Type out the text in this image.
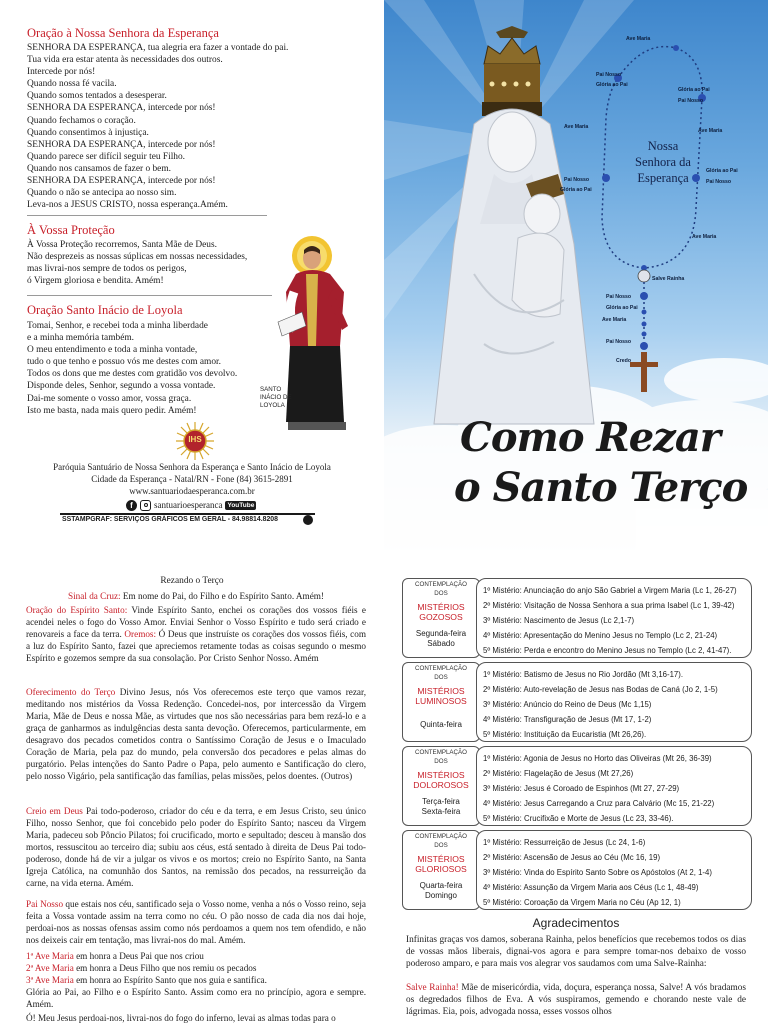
Oração à Nossa Senhora da Esperança
SENHORA DA ESPERANÇA, tua alegria era fazer a vontade do pai.
Tua vida era estar atenta às necessidades dos outros.
Intercede por nós!
Quando nossa fé vacila.
Quando somos tentados a desesperar.
SENHORA DA ESPERANÇA, intercede por nós!
Quando fechamos o coração.
Quando consentimos à injustiça.
SENHORA DA ESPERANÇA, intercede por nós!
Quando parece ser difícil seguir teu Filho.
Quando nos cansamos de fazer o bem.
SENHORA DA ESPERANÇA, intercede por nós!
Quando o não se antecipa ao nosso sim.
Leva-nos a JESUS CRISTO, nossa esperança.Amém.
À Vossa Proteção
À Vossa Proteção recorremos, Santa Mãe de Deus.
Não desprezeis as nossas súplicas em nossas necessidades,
mas livrai-nos sempre de todos os perigos,
ó Virgem gloriosa e bendita. Amém!
Oração Santo Inácio de Loyola
Tomai, Senhor, e recebei toda a minha liberdade
e a minha memória também.
O meu entendimento e toda a minha vontade,
tudo o que tenho e possuo vós me destes com amor.
Todos os dons que me destes com gratidão vos devolvo.
Disponde deles, Senhor, segundo a vossa vontade.
Dai-me somente o vosso amor, vossa graça.
Isto me basta, nada mais quero pedir. Amém!
SANTO
INÁCIO DE
LOYOLA
IHS
Paróquia Santuário de Nossa Senhora da Esperança e Santo Inácio de Loyola
Cidade da Esperança - Natal/RN - Fone (84) 3615-2891
www.santuariodaesperanca.com.br
f	santuarioesperanca YouTube
SSTAMPGRAF: SERVIÇOS GRÁFICOS EM GERAL - 84.98814.8208
Nossa
Senhora da
Esperança
Ave Maria
Pai Nosso
Glória ao Pai
Glória ao Pai
Pai Nosso
Ave Maria
Ave Maria
Pai Nosso
Glória ao Pai
Glória ao Pai
Pai Nosso
Ave Maria
Salve Rainha
Pai Nosso
Glória ao Pai
Ave Maria
Pai Nosso
Credo
Como Rezar
o Santo Terço
Rezando o Terço
Sinal da Cruz: Em nome do Pai, do Filho e do Espírito Santo. Amém!
Oração do Espírito Santo: Vinde Espírito Santo, enchei os corações dos vossos fiéis e acendei neles o fogo do Vosso Amor. Enviai Senhor o Vosso Espírito e tudo será criado e renovareis a face da terra. Oremos: Ó Deus que instruíste os corações dos vossos fiéis, com a luz do Espírito Santo, fazei que apreciemos retamente todas as coisas segundo o mesmo Espírito e gozemos sempre da sua consolação. Por Cristo Senhor Nosso. Amém
Oferecimento do Terço Divino Jesus, nós Vos oferecemos este terço que vamos rezar, meditando nos mistérios da Vossa Redenção. Concedei-nos, por intercessão da Virgem Maria, Mãe de Deus e nossa Mãe, as virtudes que nos são necessárias para bem rezá-lo e a graça de ganharmos as indulgências desta santa devoção. Oferecemos, particularmente, em desagravo dos pecados cometidos contra o Santíssimo Coração de Jesus e o Imaculado Coração de Maria, pela paz do mundo, pela conversão dos pecadores e pelas almas do purgatório. Pelas intenções do Santo Padre o Papa, pelo aumento e Santificação do clero, pelo nosso Vigário, pela santificação das famílias, pelas missões, pelos doentes. (Outros)
Creio em Deus Pai todo-poderoso, criador do céu e da terra, e em Jesus Cristo, seu único Filho, nosso Senhor, que foi concebido pelo poder do Espírito Santo; nasceu da Virgem Maria, padeceu sob Pôncio Pilatos; foi crucificado, morto e sepultado; desceu à mansão dos mortos, ressuscitou ao terceiro dia; subiu aos céus, está sentado à direita de Deus Pai todo-poderoso, donde há de vir a julgar os vivos e os mortos; creio no Espírito Santo, na Santa Igreja Católica, na comunhão dos Santos, na remissão dos pecados, na ressurreição da carne, na vida eterna. Amém.
Pai Nosso que estais nos céu, santificado seja o Vosso nome, venha a nós o Vosso reino, seja feita a Vossa vontade assim na terra como no céu. O pão nosso de cada dia nos dai hoje, perdoai-nos as nossas ofensas assim como nós perdoamos a quem nos tem ofendido, e não nos deixeis cair em tentação, mas livrai-nos do mal. Amém.
1ª Ave Maria em honra a Deus Pai que nos criou
2ª Ave Maria em honra a Deus Filho que nos remiu os pecados
3ª Ave Maria em honra ao Espírito Santo que nos guia e santifica.
Glória ao Pai, ao Filho e o Espírito Santo. Assim como era no princípio, agora e sempre. Amém.
Ó! Meu Jesus perdoai-nos, livrai-nos do fogo do inferno, levai as almas todas para o
CONTEMPLAÇÃO
DOS
MISTÉRIOS
GOZOSOS
Segunda-feira
Sábado
1º Mistério: Anunciação do anjo São Gabriel a Virgem Maria (Lc 1, 26-27)
2º Mistério: Visitação de Nossa Senhora a sua prima Isabel (Lc 1, 39-42)
3º Mistério: Nascimento de Jesus (Lc 2,1-7)
4º Mistério: Apresentação do Menino Jesus no Templo (Lc 2, 21-24)
5º Mistério: Perda e encontro do Menino Jesus no Templo (Lc 2, 41-47).
CONTEMPLAÇÃO
DOS
MISTÉRIOS
LUMINOSOS
Quinta-feira
1º Mistério: Batismo de Jesus no Rio Jordão (Mt 3,16-17).
2º Mistério: Auto-revelação de Jesus nas Bodas de Caná (Jo 2, 1-5)
3º Mistério: Anúncio do Reino de Deus (Mc 1,15)
4º Mistério: Transfiguração de Jesus (Mt 17, 1-2)
5º Mistério: Instituição da Eucaristia (Mt 26,26).
CONTEMPLAÇÃO
DOS
MISTÉRIOS
DOLOROSOS
Terça-feira
Sexta-feira
1º Mistério: Agonia de Jesus no Horto das Oliveiras (Mt 26, 36-39)
2º Mistério: Flagelação de Jesus (Mt 27,26)
3º Mistério: Jesus é Coroado de Espinhos (Mt 27, 27-29)
4º Mistério: Jesus Carregando a Cruz para Calvário (Mc 15, 21-22)
5º Mistério: Crucifixão e Morte de Jesus (Lc 23, 33-46).
CONTEMPLAÇÃO
DOS
MISTÉRIOS
GLORIOSOS
Quarta-feira
Domingo
1º Mistério: Ressurreição de Jesus (Lc 24, 1-6)
2º Mistério: Ascensão de Jesus ao Céu (Mc 16, 19)
3º Mistério: Vinda do Espírito Santo Sobre os Apóstolos (At 2, 1-4)
4º Mistério: Assunção da Virgem Maria aos Céus (Lc 1, 48-49)
5º Mistério: Coroação da Virgem Maria no Céu (Ap 12, 1)
Agradecimentos
Infinitas graças vos damos, soberana Rainha, pelos benefícios que recebemos todos os dias de vossas mãos liberais, dignai-vos agora e para sempre tomar-nos debaixo de vosso poderoso amparo, e para mais vos alegrar vos saudamos com uma Salve-Rainha:
Salve Rainha! Mãe de misericórdia, vida, doçura, esperança nossa, Salve! A vós bradamos os degredados filhos de Eva. A vós suspiramos, gemendo e chorando neste vale de lágrimas. Eia, pois, advogada nossa, esses vossos olhos
